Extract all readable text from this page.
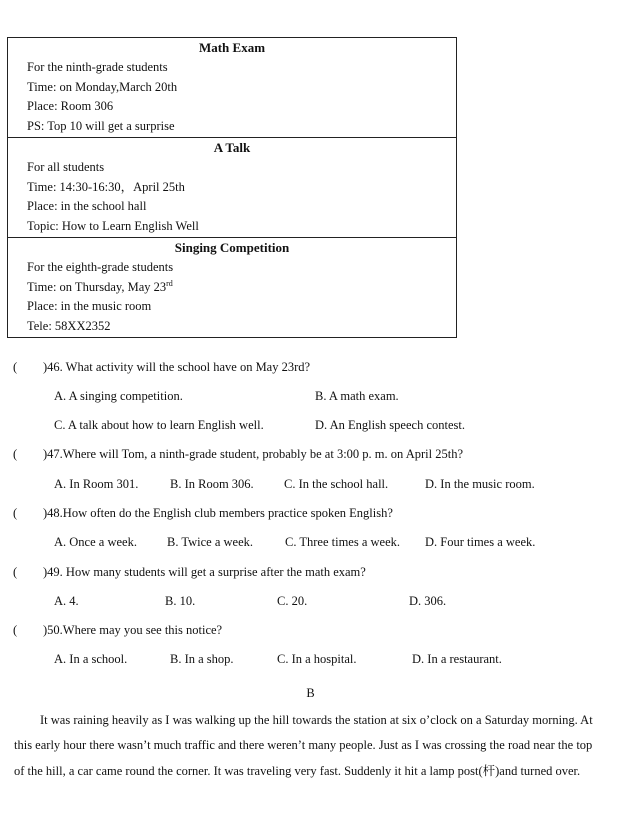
Math Exam
For the ninth-grade students
Time: on Monday,March 20th
Place: Room 306
PS: Top 10 will get a surprise
A Talk
For all students
Time: 14:30-16:30，April 25th
Place: in the school hall
Topic: How to Learn English Well
Singing Competition
For the eighth-grade students
Time: on Thursday, May 23rd
Place: in the music room
Tele: 58XX2352
( )46. What activity will the school have on May 23rd?
A. A singing competition.	B. A math exam.
C. A talk about how to learn English well.	D. An English speech contest.
( )47.Where will Tom, a ninth-grade student, probably be at 3:00 p. m. on April 25th?
A. In Room 301.	B. In Room 306. C. In the school hall.	D. In the music room.
( )48.How often do the English club members practice spoken English?
A. Once a week. B. Twice a week.	C. Three times a week. D. Four times a week.
( )49. How many students will get a surprise after the math exam?
A. 4.	B. 10.	C. 20.	D. 306.
( )50.Where may you see this notice?
A. In a school.	B. In a shop.	C. In a hospital.	D. In a restaurant.
B

It was raining heavily as I was walking up the hill towards the station at six o’clock on a Saturday morning. At this early hour there wasn’t much traffic and there weren’t many people. Just as I was crossing the road near the top of the hill, a car came round the corner. It was traveling very fast. Suddenly it hit a lamp post(杆)and turned over.
